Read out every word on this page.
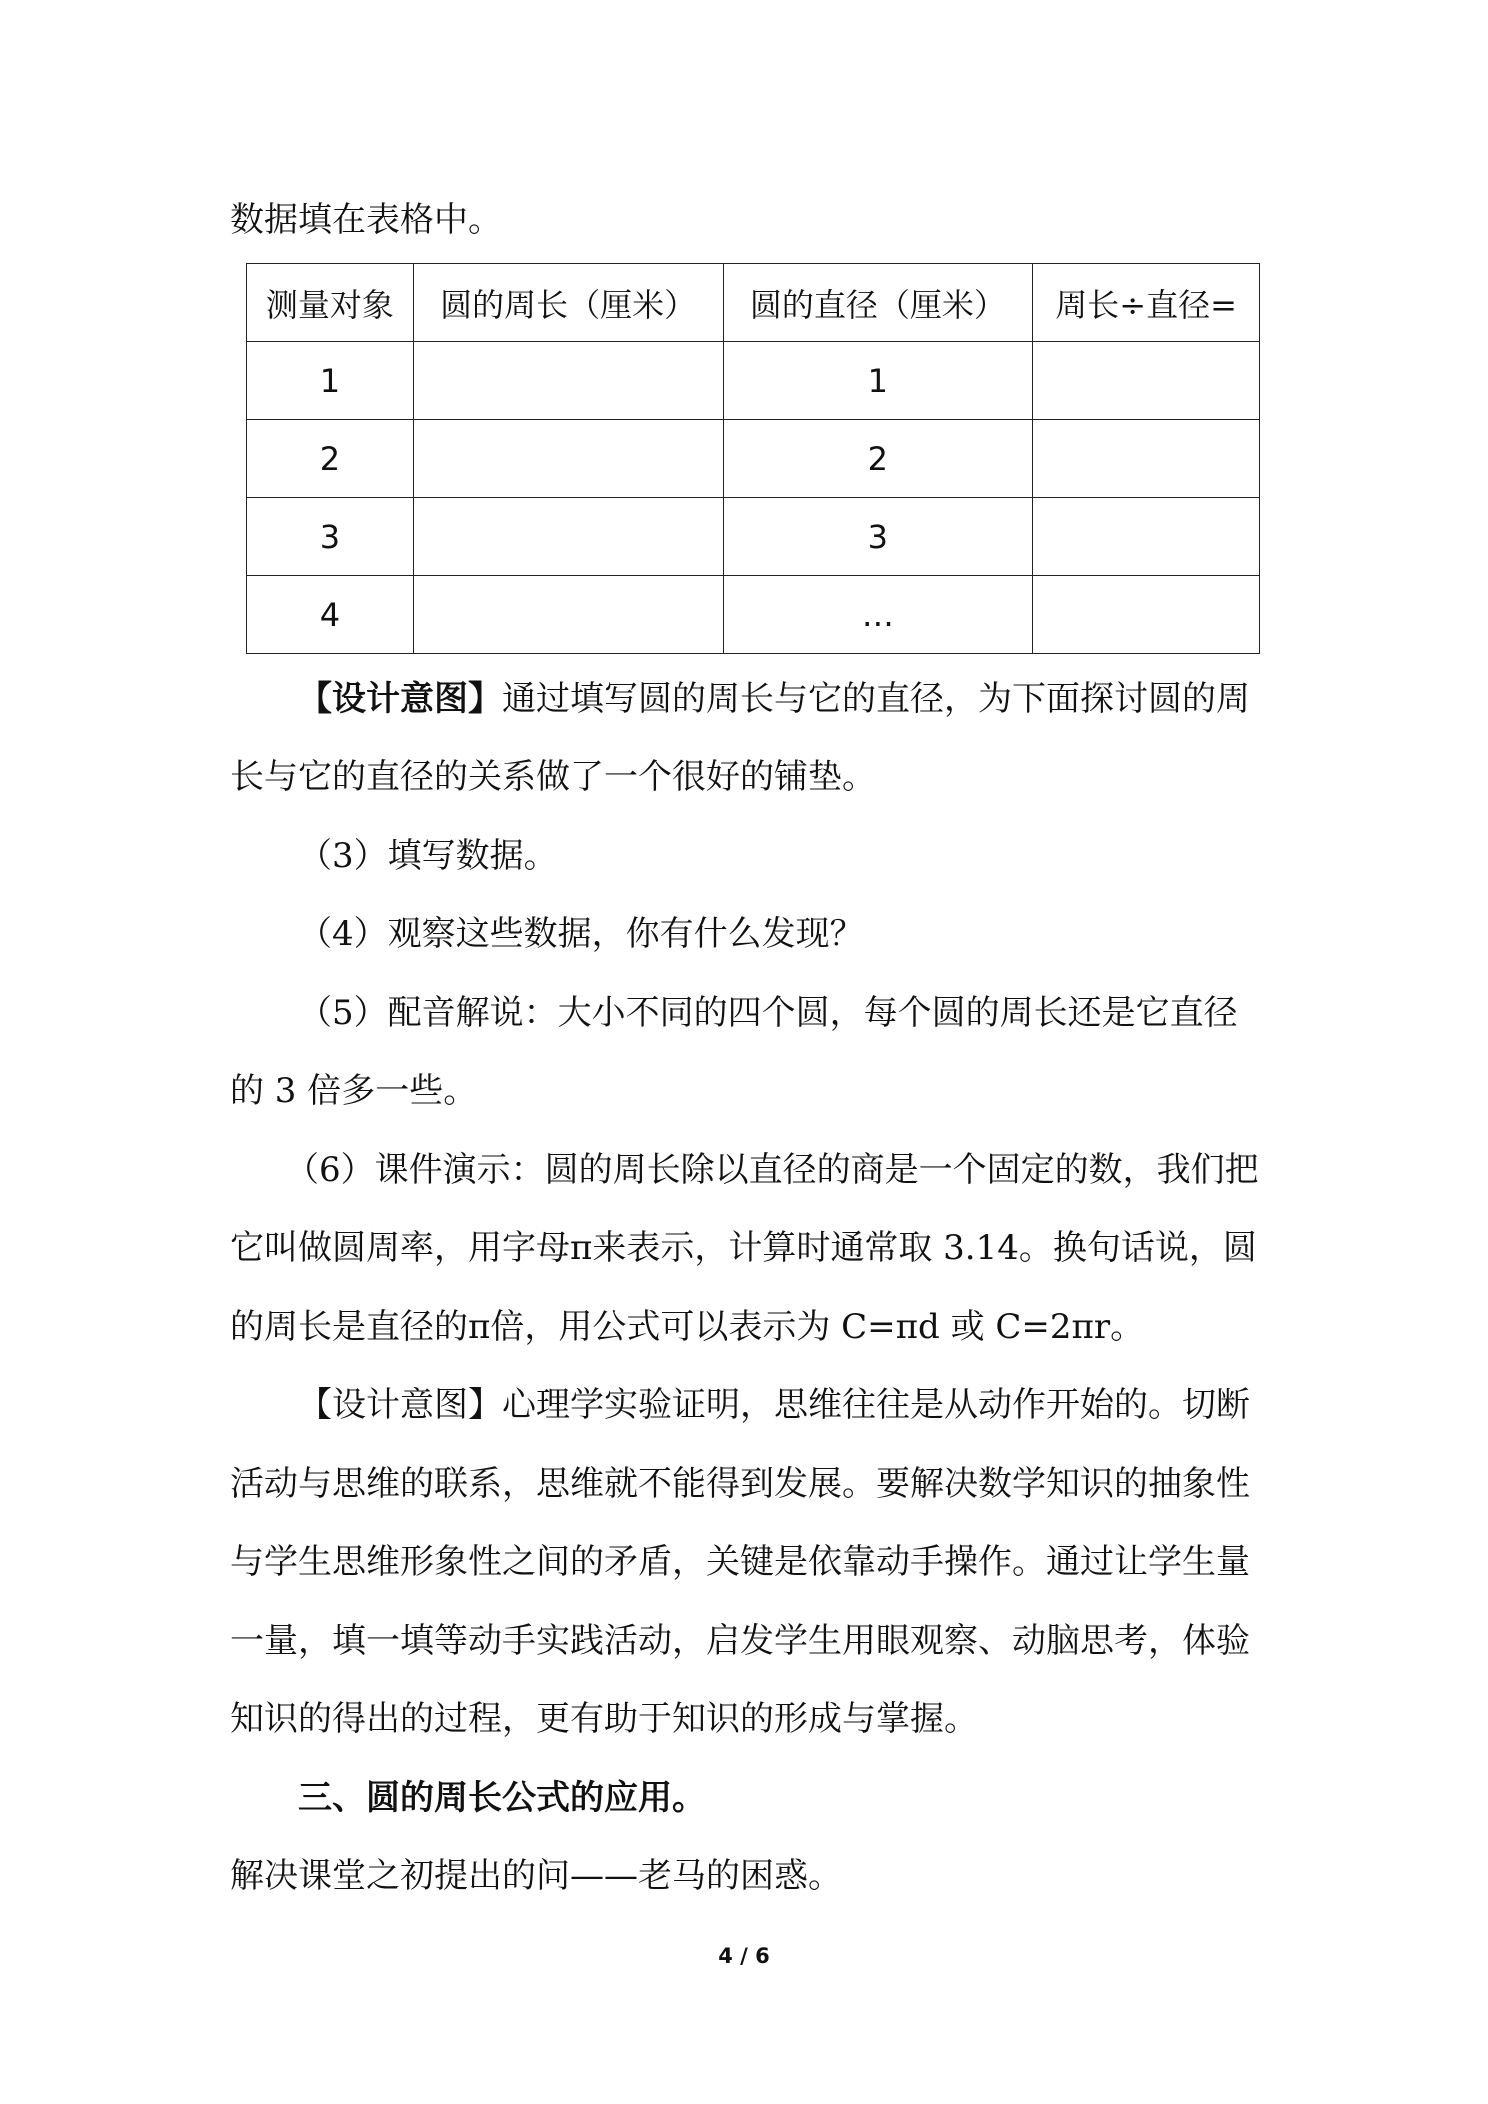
数据填在表格中。
测量对象	圆的周长（厘米）	圆的直径（厘米）	周长÷直径=
1		1	
2		2	
3		3	
4		…	
【设计意图】通过填写圆的周长与它的直径，为下面探讨圆的周
长与它的直径的关系做了一个很好的铺垫。
（3）填写数据。
（4）观察这些数据，你有什么发现？
（5）配音解说：大小不同的四个圆，每个圆的周长还是它直径
的 3 倍多一些。
（6）课件演示：圆的周长除以直径的商是一个固定的数，我们把
它叫做圆周率，用字母π来表示，计算时通常取 3.14。换句话说，圆
的周长是直径的π倍，用公式可以表示为 C=πd 或 C=2πr。
【设计意图】心理学实验证明，思维往往是从动作开始的。切断
活动与思维的联系，思维就不能得到发展。要解决数学知识的抽象性
与学生思维形象性之间的矛盾，关键是依靠动手操作。通过让学生量
一量，填一填等动手实践活动，启发学生用眼观察、动脑思考，体验
知识的得出的过程，更有助于知识的形成与掌握。
三、圆的周长公式的应用。
解决课堂之初提出的问——老马的困惑。
4 / 6
